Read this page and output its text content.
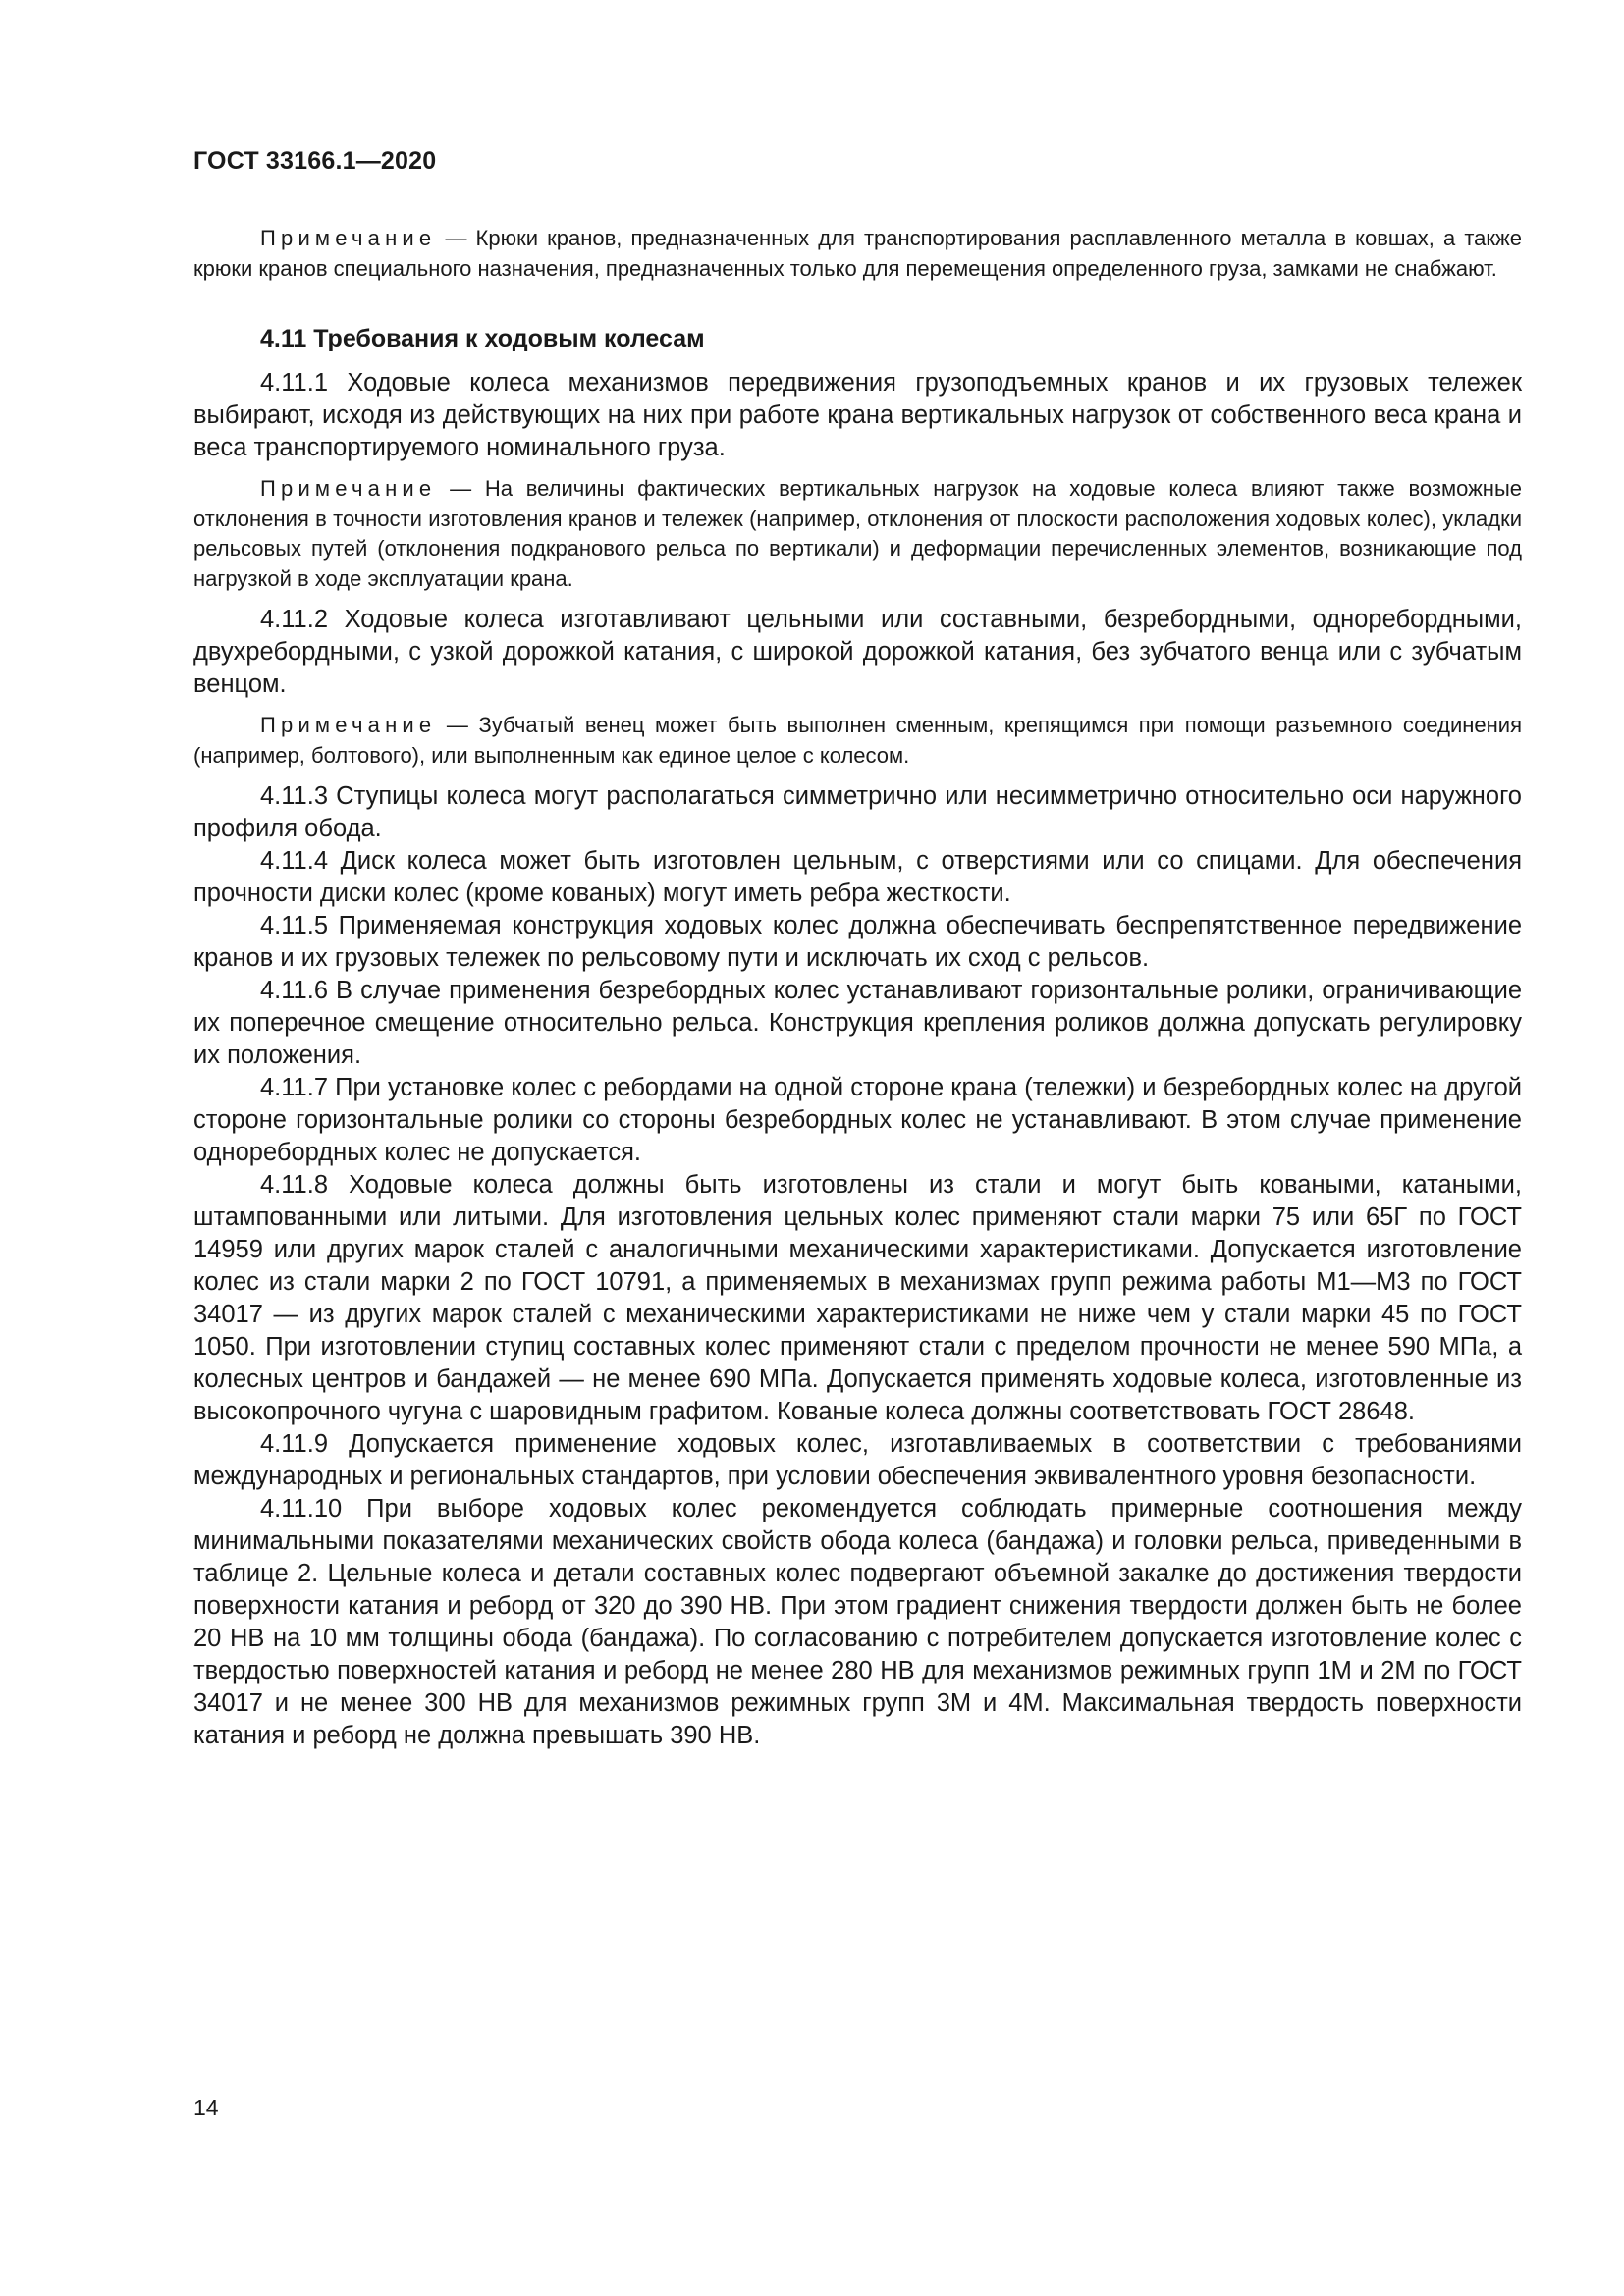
ГОСТ 33166.1—2020

Примечание — Крюки кранов, предназначенных для транспортирования расплавленного металла в ковшах, а также крюки кранов специального назначения, предназначенных только для перемещения определенного груза, замками не снабжают.

4.11 Требования к ходовым колесам

4.11.1 Ходовые колеса механизмов передвижения грузоподъемных кранов и их грузовых тележек выбирают, исходя из действующих на них при работе крана вертикальных нагрузок от собственного веса крана и веса транспортируемого номинального груза.

Примечание — На величины фактических вертикальных нагрузок на ходовые колеса влияют также возможные отклонения в точности изготовления кранов и тележек (например, отклонения от плоскости расположения ходовых колес), укладки рельсовых путей (отклонения подкранового рельса по вертикали) и деформации перечисленных элементов, возникающие под нагрузкой в ходе эксплуатации крана.

4.11.2 Ходовые колеса изготавливают цельными или составными, безребордными, одноребордными, двухребордными, с узкой дорожкой катания, с широкой дорожкой катания, без зубчатого венца или с зубчатым венцом.

Примечание — Зубчатый венец может быть выполнен сменным, крепящимся при помощи разъемного соединения (например, болтового), или выполненным как единое целое с колесом.

4.11.3 Ступицы колеса могут располагаться симметрично или несимметрично относительно оси наружного профиля обода.

4.11.4 Диск колеса может быть изготовлен цельным, с отверстиями или со спицами. Для обеспечения прочности диски колес (кроме кованых) могут иметь ребра жесткости.

4.11.5 Применяемая конструкция ходовых колес должна обеспечивать беспрепятственное передвижение кранов и их грузовых тележек по рельсовому пути и исключать их сход с рельсов.

4.11.6 В случае применения безребордных колес устанавливают горизонтальные ролики, ограничивающие их поперечное смещение относительно рельса. Конструкция крепления роликов должна допускать регулировку их положения.

4.11.7 При установке колес с ребордами на одной стороне крана (тележки) и безребордных колес на другой стороне горизонтальные ролики со стороны безребордных колес не устанавливают. В этом случае применение одноребордных колес не допускается.

4.11.8 Ходовые колеса должны быть изготовлены из стали и могут быть коваными, катаными, штампованными или литыми. Для изготовления цельных колес применяют стали марки 75 или 65Г по ГОСТ 14959 или других марок сталей с аналогичными механическими характеристиками. Допускается изготовление колес из стали марки 2 по ГОСТ 10791, а применяемых в механизмах групп режима работы М1—М3 по ГОСТ 34017 — из других марок сталей с механическими характеристиками не ниже чем у стали марки 45 по ГОСТ 1050. При изготовлении ступиц составных колес применяют стали с пределом прочности не менее 590 МПа, а колесных центров и бандажей — не менее 690 МПа. Допускается применять ходовые колеса, изготовленные из высокопрочного чугуна с шаровидным графитом. Кованые колеса должны соответствовать ГОСТ 28648.

4.11.9 Допускается применение ходовых колес, изготавливаемых в соответствии с требованиями международных и региональных стандартов, при условии обеспечения эквивалентного уровня безопасности.

4.11.10 При выборе ходовых колес рекомендуется соблюдать примерные соотношения между минимальными показателями механических свойств обода колеса (бандажа) и головки рельса, приведенными в таблице 2. Цельные колеса и детали составных колес подвергают объемной закалке до достижения твердости поверхности катания и реборд от 320 до 390 НВ. При этом градиент снижения твердости должен быть не более 20 НВ на 10 мм толщины обода (бандажа). По согласованию с потребителем допускается изготовление колес с твердостью поверхностей катания и реборд не менее 280 НВ для механизмов режимных групп 1М и 2М по ГОСТ 34017 и не менее 300 НВ для механизмов режимных групп 3М и 4М. Максимальная твердость поверхности катания и реборд не должна превышать 390 НВ.

14
